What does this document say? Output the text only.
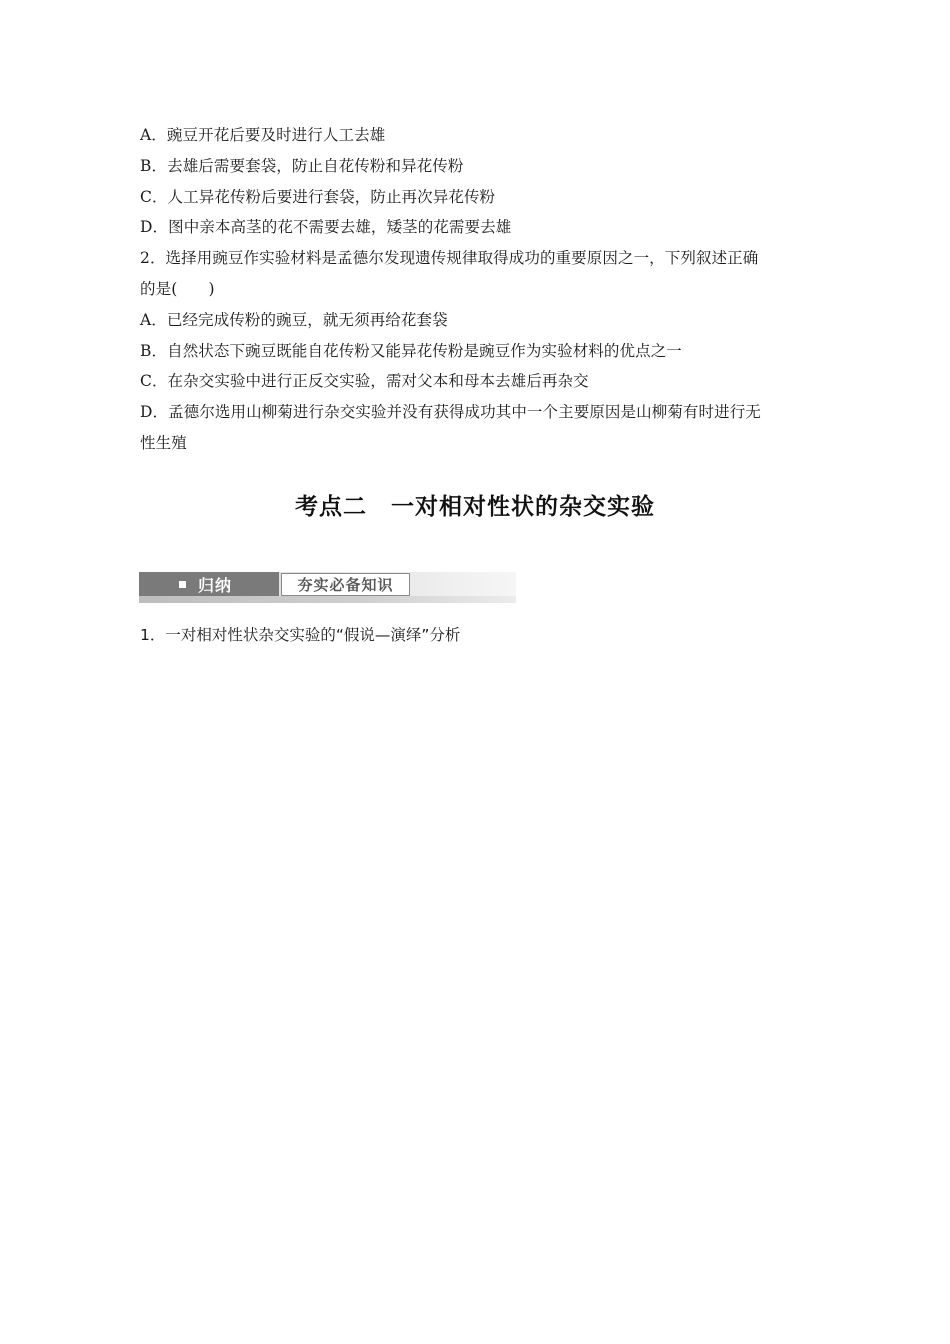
A．豌豆开花后要及时进行人工去雄
B．去雄后需要套袋，防止自花传粉和异花传粉
C．人工异花传粉后要进行套袋，防止再次异花传粉
D．图中亲本高茎的花不需要去雄，矮茎的花需要去雄
2．选择用豌豆作实验材料是孟德尔发现遗传规律取得成功的重要原因之一，下列叙述正确
的是(　　)
A．已经完成传粉的豌豆，就无须再给花套袋
B．自然状态下豌豆既能自花传粉又能异花传粉是豌豆作为实验材料的优点之一
C．在杂交实验中进行正反交实验，需对父本和母本去雄后再杂交
D．孟德尔选用山柳菊进行杂交实验并没有获得成功其中一个主要原因是山柳菊有时进行无
性生殖
考点二　一对相对性状的杂交实验
归纳	夯实必备知识
1．一对相对性状杂交实验的“假说—演绎”分析
